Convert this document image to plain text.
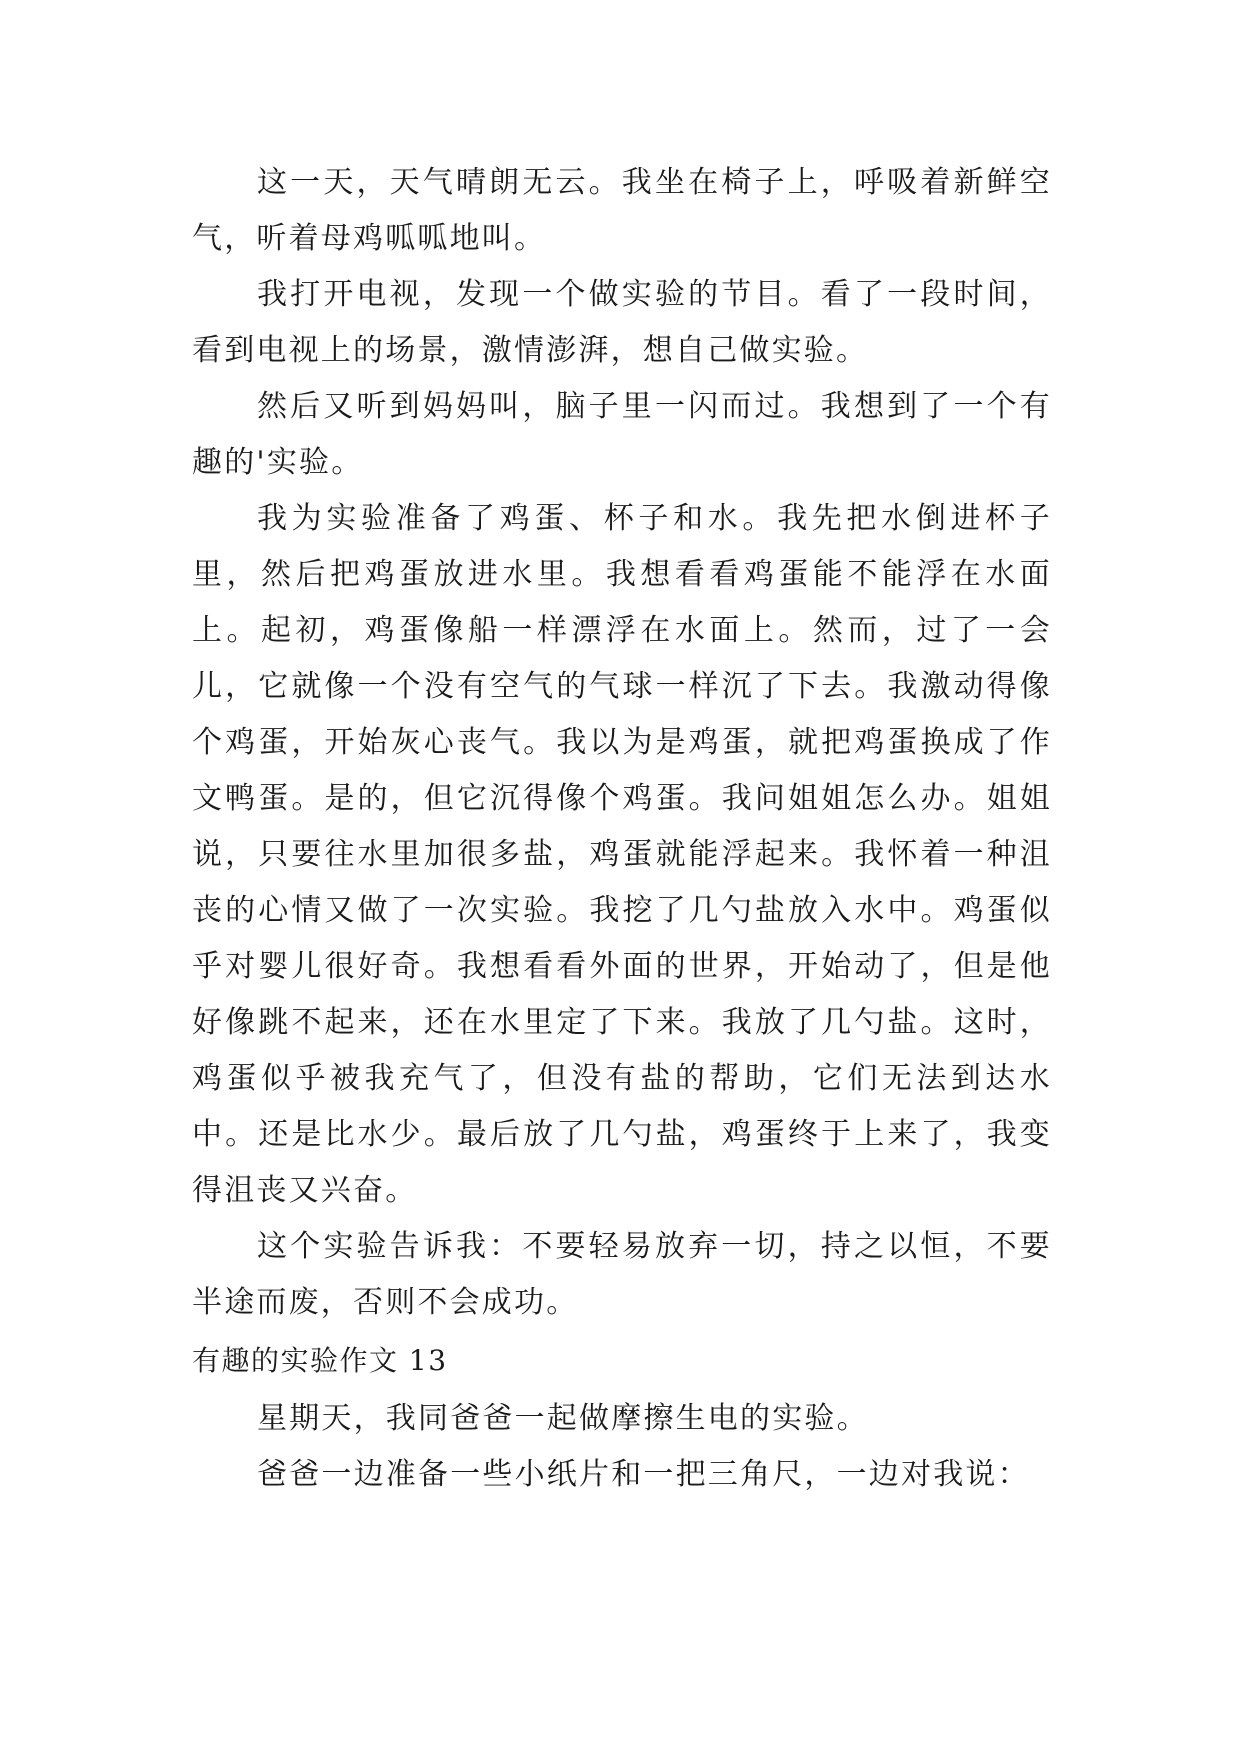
这一天，天气晴朗无云。我坐在椅子上，呼吸着新鲜空气，听着母鸡呱呱地叫。

我打开电视，发现一个做实验的节目。看了一段时间，看到电视上的场景，激情澎湃，想自己做实验。

然后又听到妈妈叫，脑子里一闪而过。我想到了一个有趣的'实验。

我为实验准备了鸡蛋、杯子和水。我先把水倒进杯子里，然后把鸡蛋放进水里。我想看看鸡蛋能不能浮在水面上。起初，鸡蛋像船一样漂浮在水面上。然而，过了一会儿，它就像一个没有空气的气球一样沉了下去。我激动得像个鸡蛋，开始灰心丧气。我以为是鸡蛋，就把鸡蛋换成了作文鸭蛋。是的，但它沉得像个鸡蛋。我问姐姐怎么办。姐姐说，只要往水里加很多盐，鸡蛋就能浮起来。我怀着一种沮丧的心情又做了一次实验。我挖了几勺盐放入水中。鸡蛋似乎对婴儿很好奇。我想看看外面的世界，开始动了，但是他好像跳不起来，还在水里定了下来。我放了几勺盐。这时，鸡蛋似乎被我充气了，但没有盐的帮助，它们无法到达水中。还是比水少。最后放了几勺盐，鸡蛋终于上来了，我变得沮丧又兴奋。

这个实验告诉我：不要轻易放弃一切，持之以恒，不要半途而废，否则不会成功。

有趣的实验作文 13

星期天，我同爸爸一起做摩擦生电的实验。

爸爸一边准备一些小纸片和一把三角尺，一边对我说：
